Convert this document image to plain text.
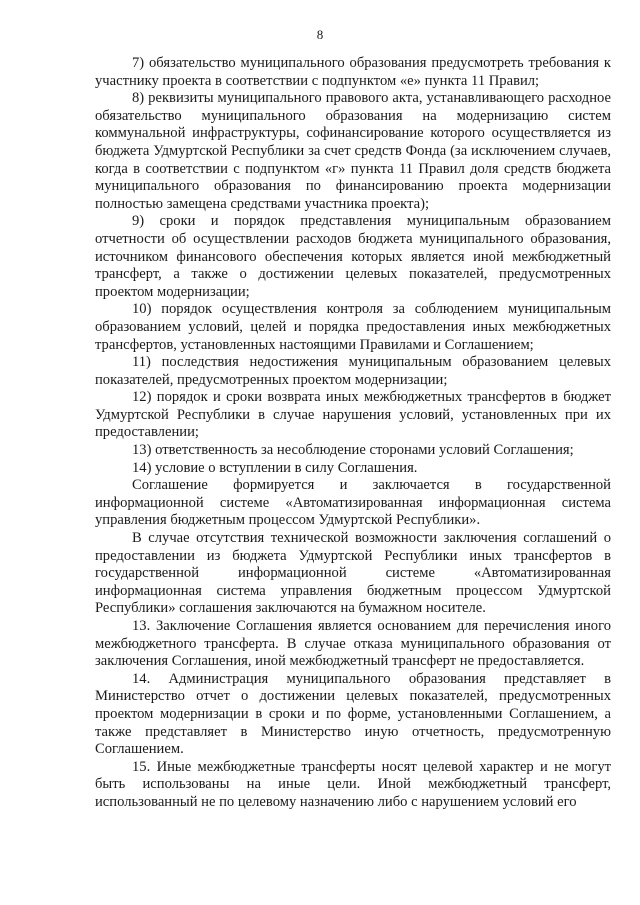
8

7) обязательство муниципального образования предусмотреть требования к участнику проекта в соответствии с подпунктом «е» пункта 11 Правил;

8) реквизиты муниципального правового акта, устанавливающего расходное обязательство муниципального образования на модернизацию систем коммунальной инфраструктуры, софинансирование которого осуществляется из бюджета Удмуртской Республики за счет средств Фонда (за исключением случаев, когда в соответствии с подпунктом «г» пункта 11 Правил доля средств бюджета муниципального образования по финансированию проекта модернизации полностью замещена средствами участника проекта);

9) сроки и порядок представления муниципальным образованием отчетности об осуществлении расходов бюджета муниципального образования, источником финансового обеспечения которых является иной межбюджетный трансферт, а также о достижении целевых показателей, предусмотренных проектом модернизации;

10) порядок осуществления контроля за соблюдением муниципальным образованием условий, целей и порядка предоставления иных межбюджетных трансфертов, установленных настоящими Правилами и Соглашением;

11) последствия недостижения муниципальным образованием целевых показателей, предусмотренных проектом модернизации;

12) порядок и сроки возврата иных межбюджетных трансфертов в бюджет Удмуртской Республики в случае нарушения условий, установленных при их предоставлении;

13) ответственность за несоблюдение сторонами условий Соглашения;

14) условие о вступлении в силу Соглашения.

Соглашение формируется и заключается в государственной информационной системе «Автоматизированная информационная система управления бюджетным процессом Удмуртской Республики».

В случае отсутствия технической возможности заключения соглашений о предоставлении из бюджета Удмуртской Республики иных трансфертов в государственной информационной системе «Автоматизированная информационная система управления бюджетным процессом Удмуртской Республики» соглашения заключаются на бумажном носителе.

13. Заключение Соглашения является основанием для перечисления иного межбюджетного трансферта. В случае отказа муниципального образования от заключения Соглашения, иной межбюджетный трансферт не предоставляется.

14. Администрация муниципального образования представляет в Министерство отчет о достижении целевых показателей, предусмотренных проектом модернизации в сроки и по форме, установленными Соглашением, а также представляет в Министерство иную отчетность, предусмотренную Соглашением.

15. Иные межбюджетные трансферты носят целевой характер и не могут быть использованы на иные цели. Иной межбюджетный трансферт, использованный не по целевому назначению либо с нарушением условий его
